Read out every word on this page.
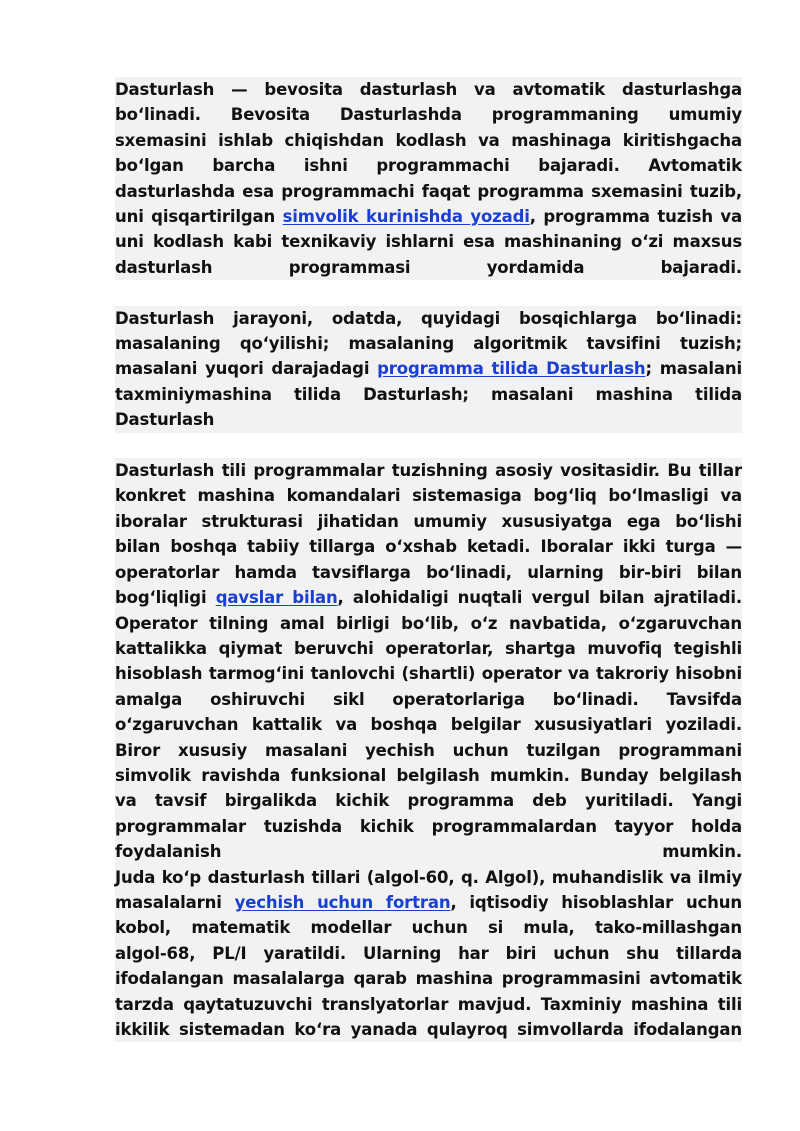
Dasturlash — bevosita dasturlash va avtomatik dasturlashga
bo‘linadi. Bevosita Dasturlashda programmaning umumiy
sxemasini ishlab chiqishdan kodlash va mashinaga kiritishgacha
bo‘lgan barcha ishni programmachi bajaradi. Avtomatik
dasturlashda esa programmachi faqat programma sxemasini tuzib,
uni qisqartirilgan simvolik kurinishda yozadi, programma tuzish va
uni kodlash kabi texnikaviy ishlarni esa mashinaning o‘zi maxsus
dasturlash programmasi yordamida bajaradi.
Dasturlash jarayoni, odatda, quyidagi bosqichlarga bo‘linadi:
masalaning qo‘yilishi; masalaning algoritmik tavsifini tuzish;
masalani yuqori darajadagi programma tilida Dasturlash; masalani
taxminiymashina tilida Dasturlash; masalani mashina tilida
Dasturlash
Dasturlash tili programmalar tuzishning asosiy vositasidir. Bu tillar
konkret mashina komandalari sistemasiga bog‘liq bo‘lmasligi va
iboralar strukturasi jihatidan umumiy xususiyatga ega bo‘lishi
bilan boshqa tabiiy tillarga o‘xshab ketadi. Iboralar ikki turga —
operatorlar hamda tavsiflarga bo‘linadi, ularning bir-biri bilan
bog‘liqligi qavslar bilan, alohidaligi nuqtali vergul bilan ajratiladi.
Operator tilning amal birligi bo‘lib, o‘z navbatida, o‘zgaruvchan
kattalikka qiymat beruvchi operatorlar, shartga muvofiq tegishli
hisoblash tarmog‘ini tanlovchi (shartli) operator va takroriy hisobni
amalga oshiruvchi sikl operatorlariga bo‘linadi. Tavsifda
o‘zgaruvchan kattalik va boshqa belgilar xususiyatlari yoziladi.
Biror xususiy masalani yechish uchun tuzilgan programmani
simvolik ravishda funksional belgilash mumkin. Bunday belgilash
va tavsif birgalikda kichik programma deb yuritiladi. Yangi
programmalar tuzishda kichik programmalardan tayyor holda
foydalanish mumkin.
Juda ko‘p dasturlash tillari (algol-60, q. Algol), muhandislik va ilmiy
masalalarni yechish uchun fortran, iqtisodiy hisoblashlar uchun
kobol, matematik modellar uchun si mula, tako-millashgan
algol-68, PL/I yaratildi. Ularning har biri uchun shu tillarda
ifodalangan masalalarga qarab mashina programmasini avtomatik
tarzda qaytatuzuvchi translyatorlar mavjud. Taxminiy mashina tili
ikkilik sistemadan ko‘ra yanada qulayroq simvollarda ifodalangan
